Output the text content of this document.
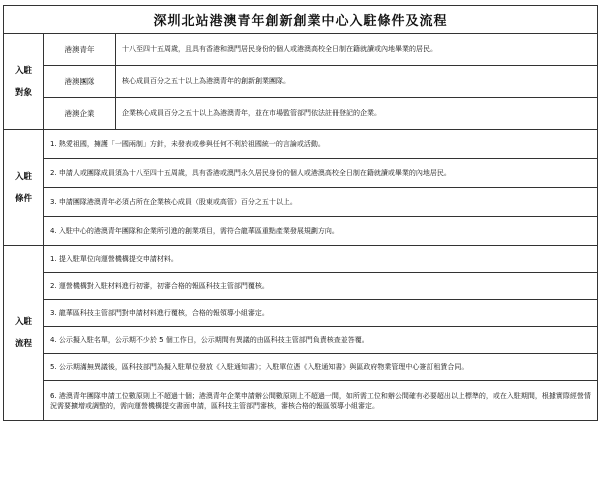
深圳北站港澳青年創新創業中心入駐條件及流程		

入駐
對象	港澳青年	十八至四十五周歲，且具有香港和澳門居民身份的個人或港澳高校全日制在籍就讀或內地畢業的居民。
	港澳團隊	核心成員百分之五十以上為港澳青年的創新創業團隊。
	港澳企業	企業核心成員百分之五十以上為港澳青年，並在市場監管部門依法註冊登記的企業。

入駐
條件	1. 熱愛祖國，擁護「一國兩制」方針，未發表或參與任何不利於祖國統一的言論或活動。	
	2. 申請人或團隊成員須為十八至四十五周歲，具有香港或澳門永久居民身份的個人或港澳高校全日制在籍就讀或畢業的內地居民。	
	3. 申請團隊港澳青年必須占所在企業核心成員（股東或高管）百分之五十以上。	
	4. 入駐中心的港澳青年團隊和企業所引進的創業項目，需符合龍華區重點產業發展規劃方向。	

入駐
流程	1. 提入駐單位向運營機構提交申請材料。	
	2. 運營機構對入駐材料進行初審，初審合格的報區科技主管部門覆核。	
	3. 龍華區科技主管部門對申請材料進行覆核，合格的報領導小組審定。	
	4. 公示擬入駐名單，公示期不少於 5 個工作日，公示期間有異議的由區科技主管部門負責核查並答覆。	
	5. 公示期滿無異議後，區科技部門為擬入駐單位發放《入駐通知書》；入駐單位憑《入駐通知書》與區政府物業管理中心簽訂租賃合同。	
	6. 港澳青年團隊申請工位數原則上不超過十個；港澳青年企業申請辦公間數原則上不超過一間，如所需工位和辦公間確有必要超出以上標準的，或在入駐期間，根據實際經營情況需要擴增或調整的，需向運營機構提交書面申請，區科技主管部門審核，審核合格的報區領導小組審定。	
